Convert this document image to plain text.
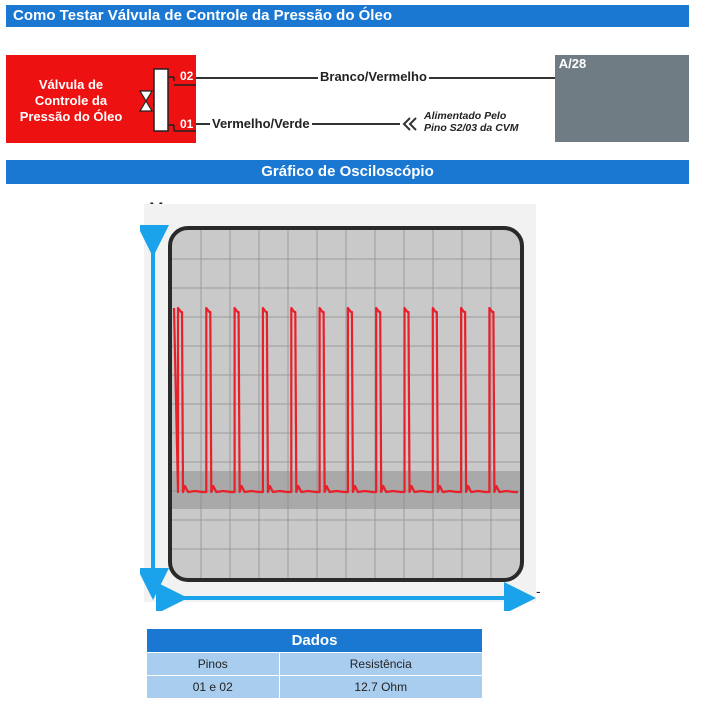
Como Testar Válvula de Controle da Pressão do Óleo
Válvula de
Controle da
Pressão do Óleo
02
01
Branco/Vermelho
Vermelho/Verde	Alimentado Pelo
Pino S2/03 da CVM
A/28
Gráfico de Osciloscópio
-
Dados	
Pinos	Resistência
01 e 02	12.7 Ohm
